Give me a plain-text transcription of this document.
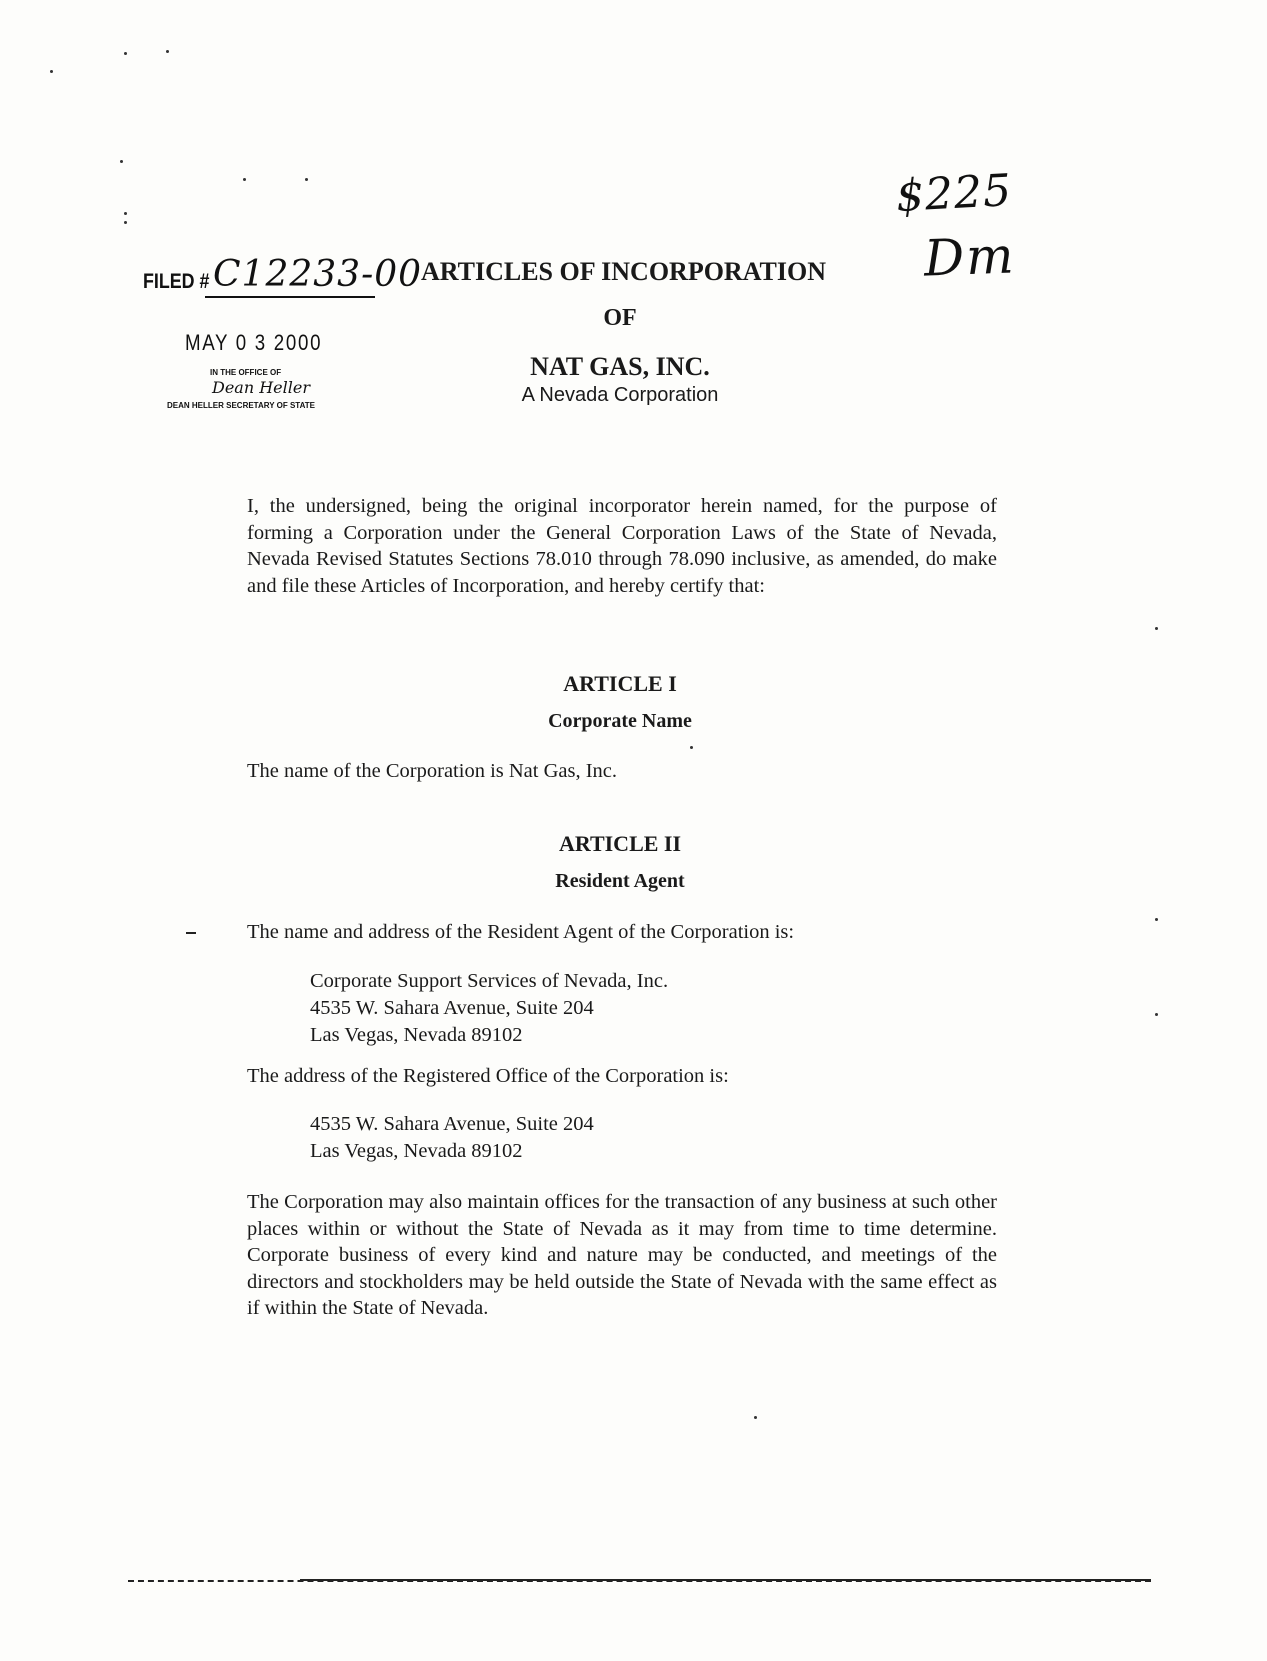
$225
Dm
FILED # C12233-00
MAY 0 3 2000
IN THE OFFICE OF
Dean Heller
DEAN HELLER SECRETARY OF STATE
ARTICLES OF INCORPORATION
OF
NAT GAS, INC.
A Nevada Corporation
I, the undersigned, being the original incorporator herein named, for the purpose of forming a Corporation under the General Corporation Laws of the State of Nevada, Nevada Revised Statutes Sections 78.010 through 78.090 inclusive, as amended, do make and file these Articles of Incorporation, and hereby certify that:
ARTICLE I
Corporate Name
The name of the Corporation is Nat Gas, Inc.
ARTICLE II
Resident Agent
The name and address of the Resident Agent of the Corporation is:
Corporate Support Services of Nevada, Inc.
4535 W. Sahara Avenue, Suite 204
Las Vegas, Nevada 89102
The address of the Registered Office of the Corporation is:
4535 W. Sahara Avenue, Suite 204
Las Vegas, Nevada 89102
The Corporation may also maintain offices for the transaction of any business at such other places within or without the State of Nevada as it may from time to time determine. Corporate business of every kind and nature may be conducted, and meetings of the directors and stockholders may be held outside the State of Nevada with the same effect as if within the State of Nevada.
